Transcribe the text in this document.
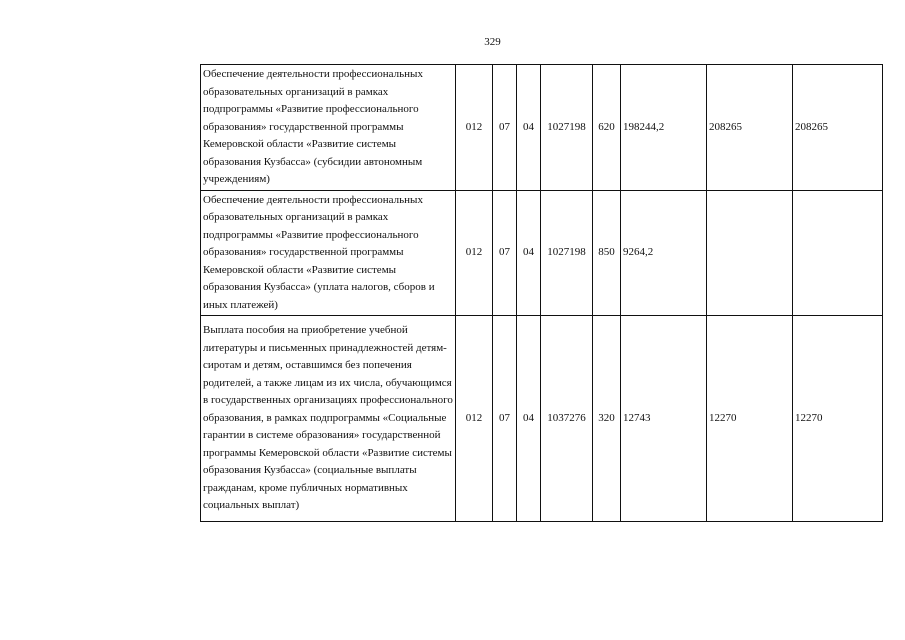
329
Обеспечение деятельности профессиональных образовательных организаций в рамках подпрограммы «Развитие профессионального образования» государственной программы Кемеровской области «Развитие системы образования Кузбасса» (субсидии автономным учреждениям)	012	07	04	1027198	620	198244,2	208265	208265

Обеспечение деятельности профессиональных образовательных организаций в рамках подпрограммы «Развитие профессионального образования» государственной программы Кемеровской области «Развитие системы образования Кузбасса» (уплата налогов, сборов и иных платежей)	012	07	04	1027198	850	9264,2		

Выплата пособия на приобретение учебной литературы и письменных принадлежностей детям-сиротам и детям, оставшимся без попечения родителей, а также лицам из их числа, обучающимся в государственных организациях профессионального образования, в рамках подпрограммы «Социальные гарантии в системе образования» государственной программы Кемеровской области «Развитие системы образования Кузбасса» (социальные выплаты гражданам, кроме публичных нормативных социальных выплат)	012	07	04	1037276	320	12743	12270	12270
